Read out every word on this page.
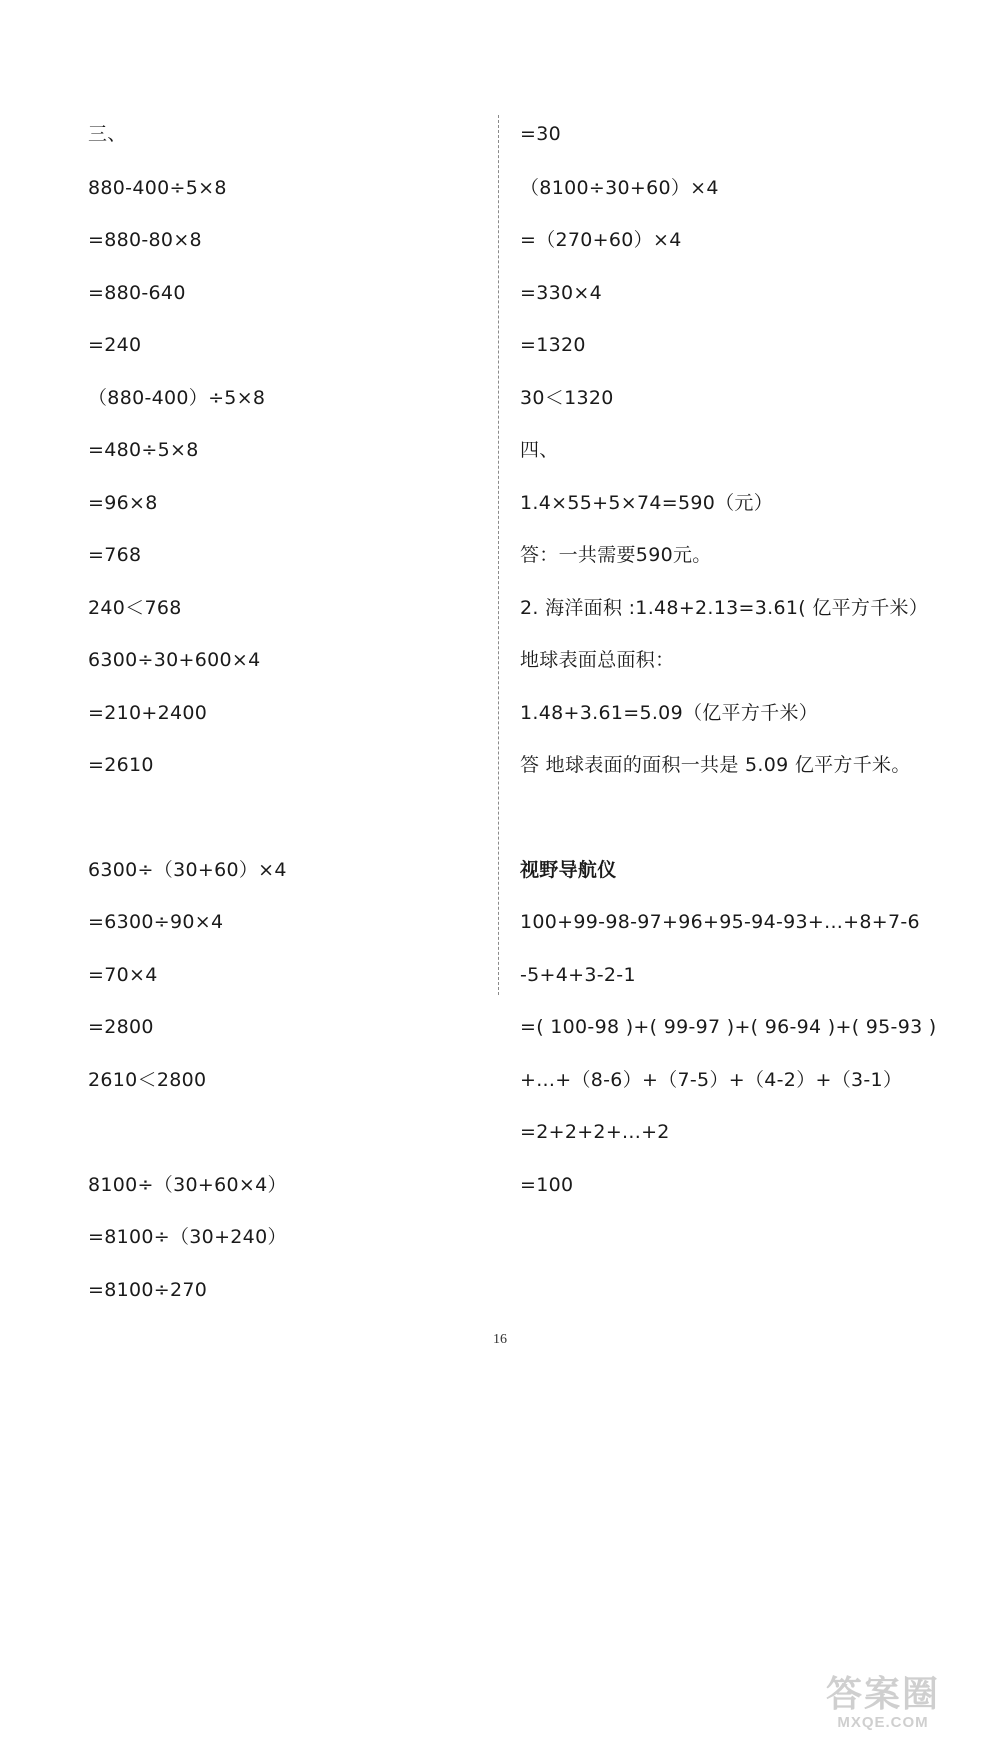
三、
880-400÷5×8
=880-80×8
=880-640
=240
（880-400）÷5×8
=480÷5×8
=96×8
=768
240＜768
6300÷30+600×4
=210+2400
=2610
6300÷（30+60）×4
=6300÷90×4
=70×4
=2800
2610＜2800
8100÷（30+60×4）
=8100÷（30+240）
=8100÷270
=30
（8100÷30+60）×4
=（270+60）×4
=330×4
=1320
30＜1320
四、
1.4×55+5×74=590（元）
答：一共需要590元。
2. 海洋面积 :1.48+2.13=3.61( 亿平方千米）
地球表面总面积：
1.48+3.61=5.09（亿平方千米）
答 地球表面的面积一共是 5.09 亿平方千米。
视野导航仪
100+99-98-97+96+95-94-93+...+8+7-6
-5+4+3-2-1
=( 100-98 )+( 99-97 )+( 96-94 )+( 95-93 )
+...+（8-6）+（7-5）+（4-2）+（3-1）
=2+2+2+...+2
=100
16
答案圈
MXQE.COM
